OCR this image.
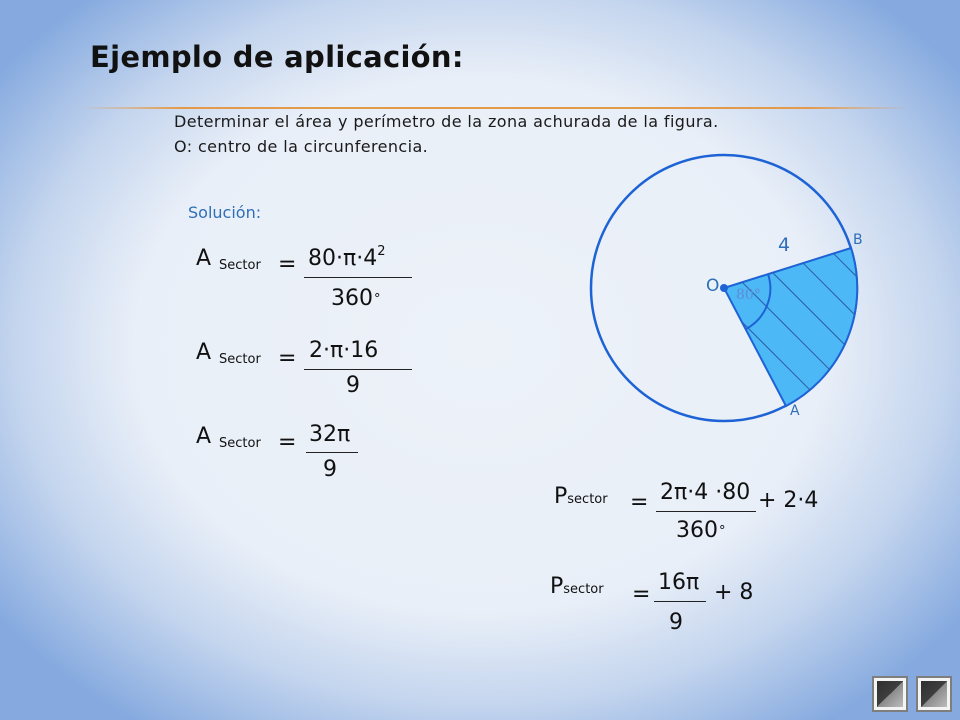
Ejemplo de aplicación:
Determinar el área y perímetro de la zona achurada de la figura.
O: centro de la circunferencia.
Solución:
A Sector = $80\cdot\pi\cdot 4^2$
360°
A Sector = 2·π·16
9
A Sector = 32π
9
Psector = 2π·4 ·80 + 2·4
360°
Psector = 16π
9
+ 8
O
4
80°
B
A
